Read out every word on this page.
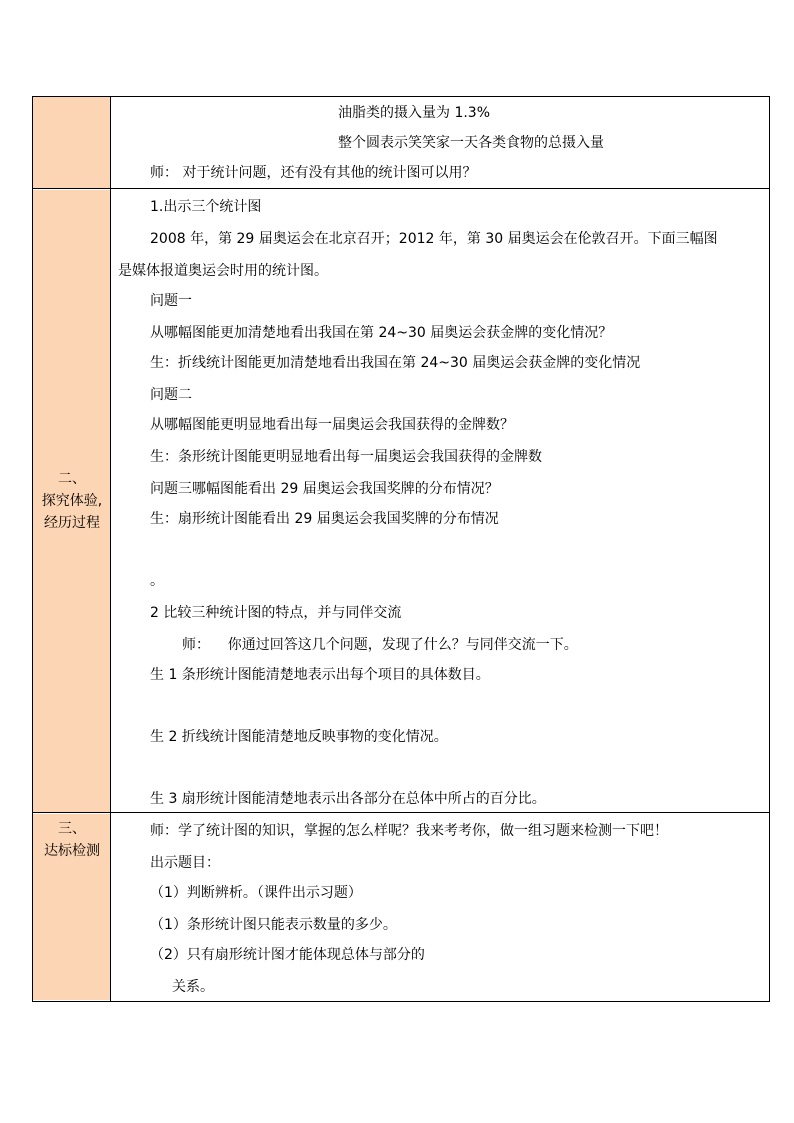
油脂类的摄入量为 1.3%
整个圆表示笑笑家一天各类食物的总摄入量
师： 对于统计问题，还有没有其他的统计图可以用？
二、
探究体验,
经历过程
1.出示三个统计图
2008 年，第 29 届奥运会在北京召开；2012 年，第 30 届奥运会在伦敦召开。下面三幅图
是媒体报道奥运会时用的统计图。
问题一
从哪幅图能更加清楚地看出我国在第 24~30 届奥运会获金牌的变化情况？
生：折线统计图能更加清楚地看出我国在第 24~30 届奥运会获金牌的变化情况
问题二
从哪幅图能更明显地看出每一届奥运会我国获得的金牌数？
生：条形统计图能更明显地看出每一届奥运会我国获得的金牌数
问题三哪幅图能看出 29 届奥运会我国奖牌的分布情况？
生：扇形统计图能看出 29 届奥运会我国奖牌的分布情况
。
2 比较三种统计图的特点，并与同伴交流
师：    你通过回答这几个问题，发现了什么？与同伴交流一下。
生 1 条形统计图能清楚地表示出每个项目的具体数目。
生 2 折线统计图能清楚地反映事物的变化情况。
生 3 扇形统计图能清楚地表示出各部分在总体中所占的百分比。
三、
达标检测
师：学了统计图的知识，掌握的怎么样呢？我来考考你，做一组习题来检测一下吧！
出示题目：
（1）判断辨析。（课件出示习题）
（1）条形统计图只能表示数量的多少。
（2）只有扇形统计图才能体现总体与部分的
关系。
